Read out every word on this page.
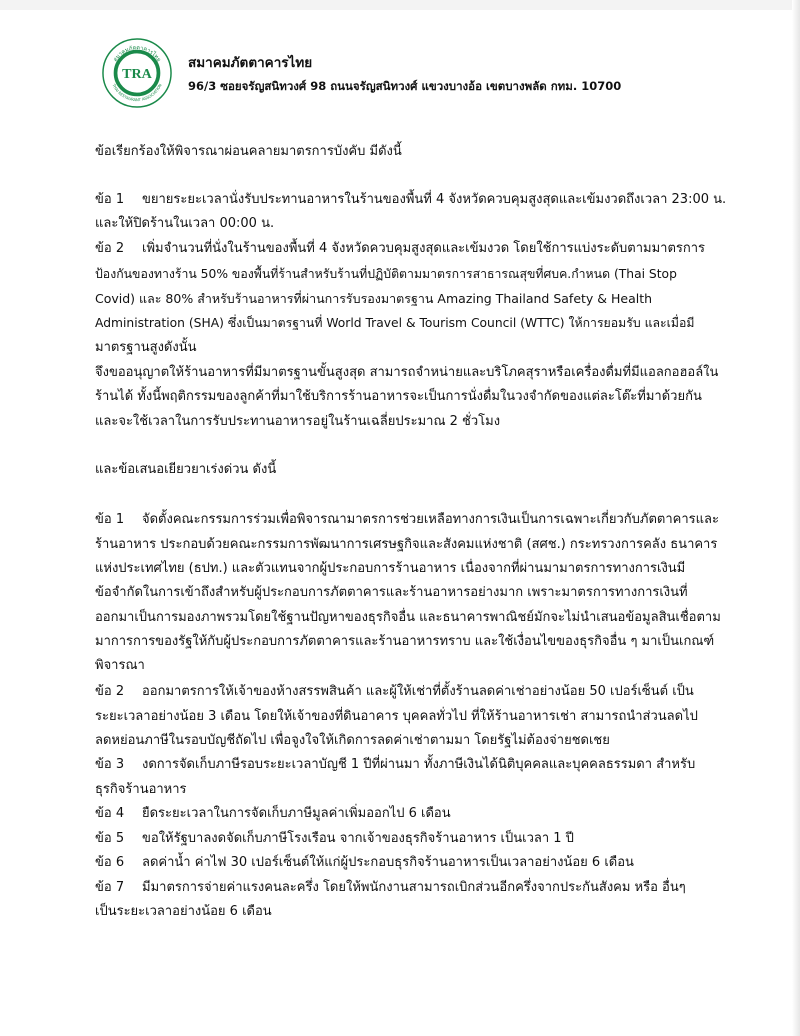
TRA
สมาคมภัตตาคารไทย
THAI RESTAURANT ASSOCIATION
สมาคมภัตตาคารไทย
96/3 ซอยจรัญสนิทวงศ์ 98 ถนนจรัญสนิทวงศ์ แขวงบางอ้อ เขตบางพลัด กทม. 10700
ข้อเรียกร้องให้พิจารณาผ่อนคลายมาตรการบังคับ มีดังนี้
ข้อ 1 ขยายระยะเวลานั่งรับประทานอาหารในร้านของพื้นที่ 4 จังหวัดควบคุมสูงสุดและเข้มงวดถึงเวลา 23:00 น.
และให้ปิดร้านในเวลา 00:00 น.
ข้อ 2 เพิ่มจำนวนที่นั่งในร้านของพื้นที่ 4 จังหวัดควบคุมสูงสุดและเข้มงวด โดยใช้การแบ่งระดับตามมาตรการ
ป้องกันของทางร้าน 50% ของพื้นที่ร้านสำหรับร้านที่ปฏิบัติตามมาตรการสาธารณสุขที่ศบค.กำหนด (Thai Stop
Covid) และ 80% สำหรับร้านอาหารที่ผ่านการรับรองมาตรฐาน Amazing Thailand Safety & Health
Administration (SHA) ซึ่งเป็นมาตรฐานที่ World Travel & Tourism Council (WTTC) ให้การยอมรับ และเมื่อมี
มาตรฐานสูงดังนั้น
จึงขออนุญาตให้ร้านอาหารที่มีมาตรฐานขั้นสูงสุด สามารถจำหน่ายและบริโภคสุราหรือเครื่องดื่มที่มีแอลกอฮอล์ใน
ร้านได้ ทั้งนี้พฤติกรรมของลูกค้าที่มาใช้บริการร้านอาหารจะเป็นการนั่งดื่มในวงจำกัดของแต่ละโต๊ะที่มาด้วยกัน
และจะใช้เวลาในการรับประทานอาหารอยู่ในร้านเฉลี่ยประมาณ 2 ชั่วโมง
และข้อเสนอเยียวยาเร่งด่วน ดังนี้
ข้อ 1 จัดตั้งคณะกรรมการร่วมเพื่อพิจารณามาตรการช่วยเหลือทางการเงินเป็นการเฉพาะเกี่ยวกับภัตตาคารและ
ร้านอาหาร ประกอบด้วยคณะกรรมการพัฒนาการเศรษฐกิจและสังคมแห่งชาติ (สศช.) กระทรวงการคลัง ธนาคาร
แห่งประเทศไทย (ธปท.) และตัวแทนจากผู้ประกอบการร้านอาหาร เนื่องจากที่ผ่านมามาตรการทางการเงินมี
ข้อจำกัดในการเข้าถึงสำหรับผู้ประกอบการภัตตาคารและร้านอาหารอย่างมาก เพราะมาตรการทางการเงินที่
ออกมาเป็นการมองภาพรวมโดยใช้ฐานปัญหาของธุรกิจอื่น และธนาคารพาณิชย์มักจะไม่นำเสนอข้อมูลสินเชื่อตาม
มาการการของรัฐให้กับผู้ประกอบการภัตตาคารและร้านอาหารทราบ และใช้เงื่อนไขของธุรกิจอื่น ๆ มาเป็นเกณฑ์
พิจารณา
ข้อ 2 ออกมาตรการให้เจ้าของห้างสรรพสินค้า และผู้ให้เช่าที่ตั้งร้านลดค่าเช่าอย่างน้อย 50 เปอร์เซ็นต์ เป็น
ระยะเวลาอย่างน้อย 3 เดือน โดยให้เจ้าของที่ดินอาคาร บุคคลทั่วไป ที่ให้ร้านอาหารเช่า สามารถนำส่วนลดไป
ลดหย่อนภาษีในรอบบัญชีถัดไป เพื่อจูงใจให้เกิดการลดค่าเช่าตามมา โดยรัฐไม่ต้องจ่ายชดเชย
ข้อ 3 งดการจัดเก็บภาษีรอบระยะเวลาบัญชี 1 ปีที่ผ่านมา ทั้งภาษีเงินได้นิติบุคคลและบุคคลธรรมดา สำหรับ
ธุรกิจร้านอาหาร
ข้อ 4 ยืดระยะเวลาในการจัดเก็บภาษีมูลค่าเพิ่มออกไป 6 เดือน
ข้อ 5 ขอให้รัฐบาลงดจัดเก็บภาษีโรงเรือน จากเจ้าของธุรกิจร้านอาหาร เป็นเวลา 1 ปี
ข้อ 6 ลดค่าน้ำ ค่าไฟ 30 เปอร์เซ็นต์ให้แก่ผู้ประกอบธุรกิจร้านอาหารเป็นเวลาอย่างน้อย 6 เดือน
ข้อ 7 มีมาตรการจ่ายค่าแรงคนละครึ่ง โดยให้พนักงานสามารถเบิกส่วนอีกครึ่งจากประกันสังคม หรือ อื่นๆ
เป็นระยะเวลาอย่างน้อย 6 เดือน
